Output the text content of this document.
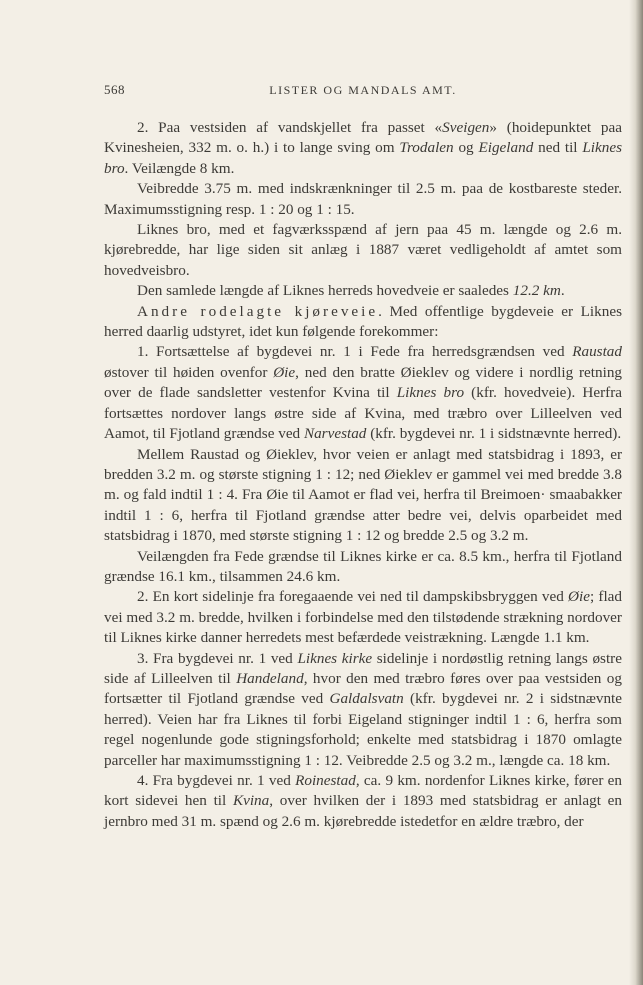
568	LISTER OG MANDALS AMT.

2. Paa vestsiden af vandskjellet fra passet «Sveigen» (hoidepunktet paa Kvinesheien, 332 m. o. h.) i to lange sving om Trodalen og Eigeland ned til Liknes bro. Veilængde 8 km.

Veibredde 3.75 m. med indskrænkninger til 2.5 m. paa de kostbareste steder. Maximumsstigning resp. 1 : 20 og 1 : 15.

Liknes bro, med et fagværksspænd af jern paa 45 m. længde og 2.6 m. kjørebredde, har lige siden sit anlæg i 1887 været vedligeholdt af amtet som hovedveisbro.

Den samlede længde af Liknes herreds hovedveie er saaledes 12.2 km.

Andre rodelagte kjøreveie. Med offentlige bygdeveie er Liknes herred daarlig udstyret, idet kun følgende forekommer:

1. Fortsættelse af bygdevei nr. 1 i Fede fra herredsgrændsen ved Raustad østover til høiden ovenfor Øie, ned den bratte Øieklev og videre i nordlig retning over de flade sandsletter vestenfor Kvina til Liknes bro (kfr. hovedveie). Herfra fortsættes nordover langs østre side af Kvina, med træbro over Lilleelven ved Aamot, til Fjotland grændse ved Narvestad (kfr. bygdevei nr. 1 i sidstnævnte herred).

Mellem Raustad og Øieklev, hvor veien er anlagt med statsbidrag i 1893, er bredden 3.2 m. og største stigning 1 : 12; ned Øieklev er gammel vei med bredde 3.8 m. og fald indtil 1 : 4. Fra Øie til Aamot er flad vei, herfra til Breimoen· smaabakker indtil 1 : 6, herfra til Fjotland grændse atter bedre vei, delvis oparbeidet med statsbidrag i 1870, med største stigning 1 : 12 og bredde 2.5 og 3.2 m.

Veilængden fra Fede grændse til Liknes kirke er ca. 8.5 km., herfra til Fjotland grændse 16.1 km., tilsammen 24.6 km.

2. En kort sidelinje fra foregaaende vei ned til dampskibsbryggen ved Øie; flad vei med 3.2 m. bredde, hvilken i forbindelse med den tilstødende strækning nordover til Liknes kirke danner herredets mest befærdede veistrækning. Længde 1.1 km.

3. Fra bygdevei nr. 1 ved Liknes kirke sidelinje i nordøstlig retning langs østre side af Lilleelven til Handeland, hvor den med træbro føres over paa vestsiden og fortsætter til Fjotland grændse ved Galdalsvatn (kfr. bygdevei nr. 2 i sidstnævnte herred). Veien har fra Liknes til forbi Eigeland stigninger indtil 1 : 6, herfra som regel nogenlunde gode stigningsforhold; enkelte med statsbidrag i 1870 omlagte parceller har maximumsstigning 1 : 12. Veibredde 2.5 og 3.2 m., længde ca. 18 km.

4. Fra bygdevei nr. 1 ved Roinestad, ca. 9 km. nordenfor Liknes kirke, fører en kort sidevei hen til Kvina, over hvilken der i 1893 med statsbidrag er anlagt en jernbro med 31 m. spænd og 2.6 m. kjørebredde istedetfor en ældre træbro, der
